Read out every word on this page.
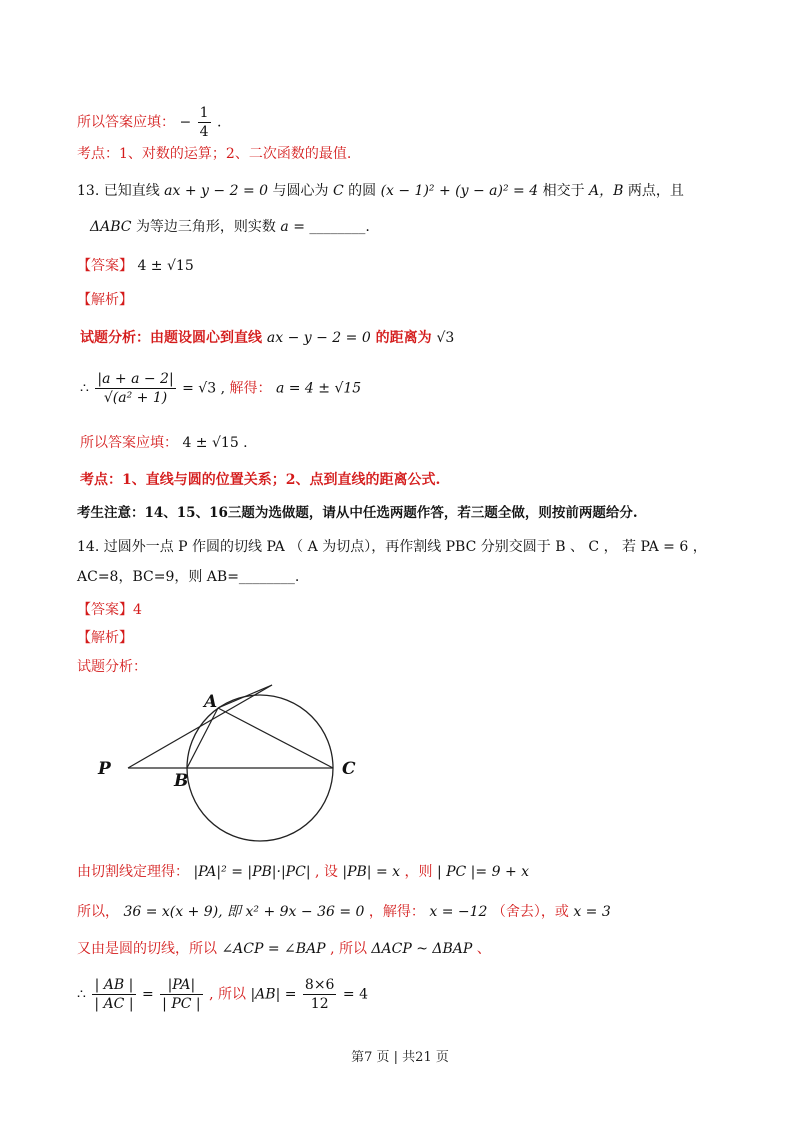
所以答案应填： − $\frac{1}{4}$ .
考点：1、对数的运算；2、二次函数的最值.
13. 已知直线 ax + y − 2 = 0 与圆心为 C 的圆 (x − 1)² + (y − a)² = 4 相交于 A，B 两点，且
ΔABC 为等边三角形，则实数 a = ________.
【答案】 4 ± √15
【解析】
试题分析：由题设圆心到直线 ax − y − 2 = 0 的距离为 √3
∴ $\frac{|a + a - 2|}{\text{√(a² + 1)}} = √3$ , 解得： a = 4 ± √15
所以答案应填： 4 ± √15 .
考点：1、直线与圆的位置关系；2、点到直线的距离公式.
考生注意：14、15、16三题为选做题，请从中任选两题作答，若三题全做，则按前两题给分.
14. 过圆外一点 P 作圆的切线 PA （ A 为切点），再作割线 PBC 分别交圆于 B 、 C ， 若 PA = 6 ，
AC=8，BC=9，则 AB=________.
【答案】4
【解析】
试题分析：
A
P
B
C
由切割线定理得： |PA|² = |PB|·|PC| , 设 |PB| = x ，则 | PC |= 9 + x
所以， 36 = x(x + 9), 即 x² + 9x − 36 = 0 ，解得： x = −12 （舍去），或 x = 3
又由是圆的切线，所以 ∠ACP = ∠BAP , 所以 ΔACP ~ ΔBAP 、
∴ $\frac{| AB |}{| AC |} = \frac{|PA|}{| PC |}$ , 所以 $|AB| = \frac{8\times 6}{12} = 4$
第7 页 | 共21 页
